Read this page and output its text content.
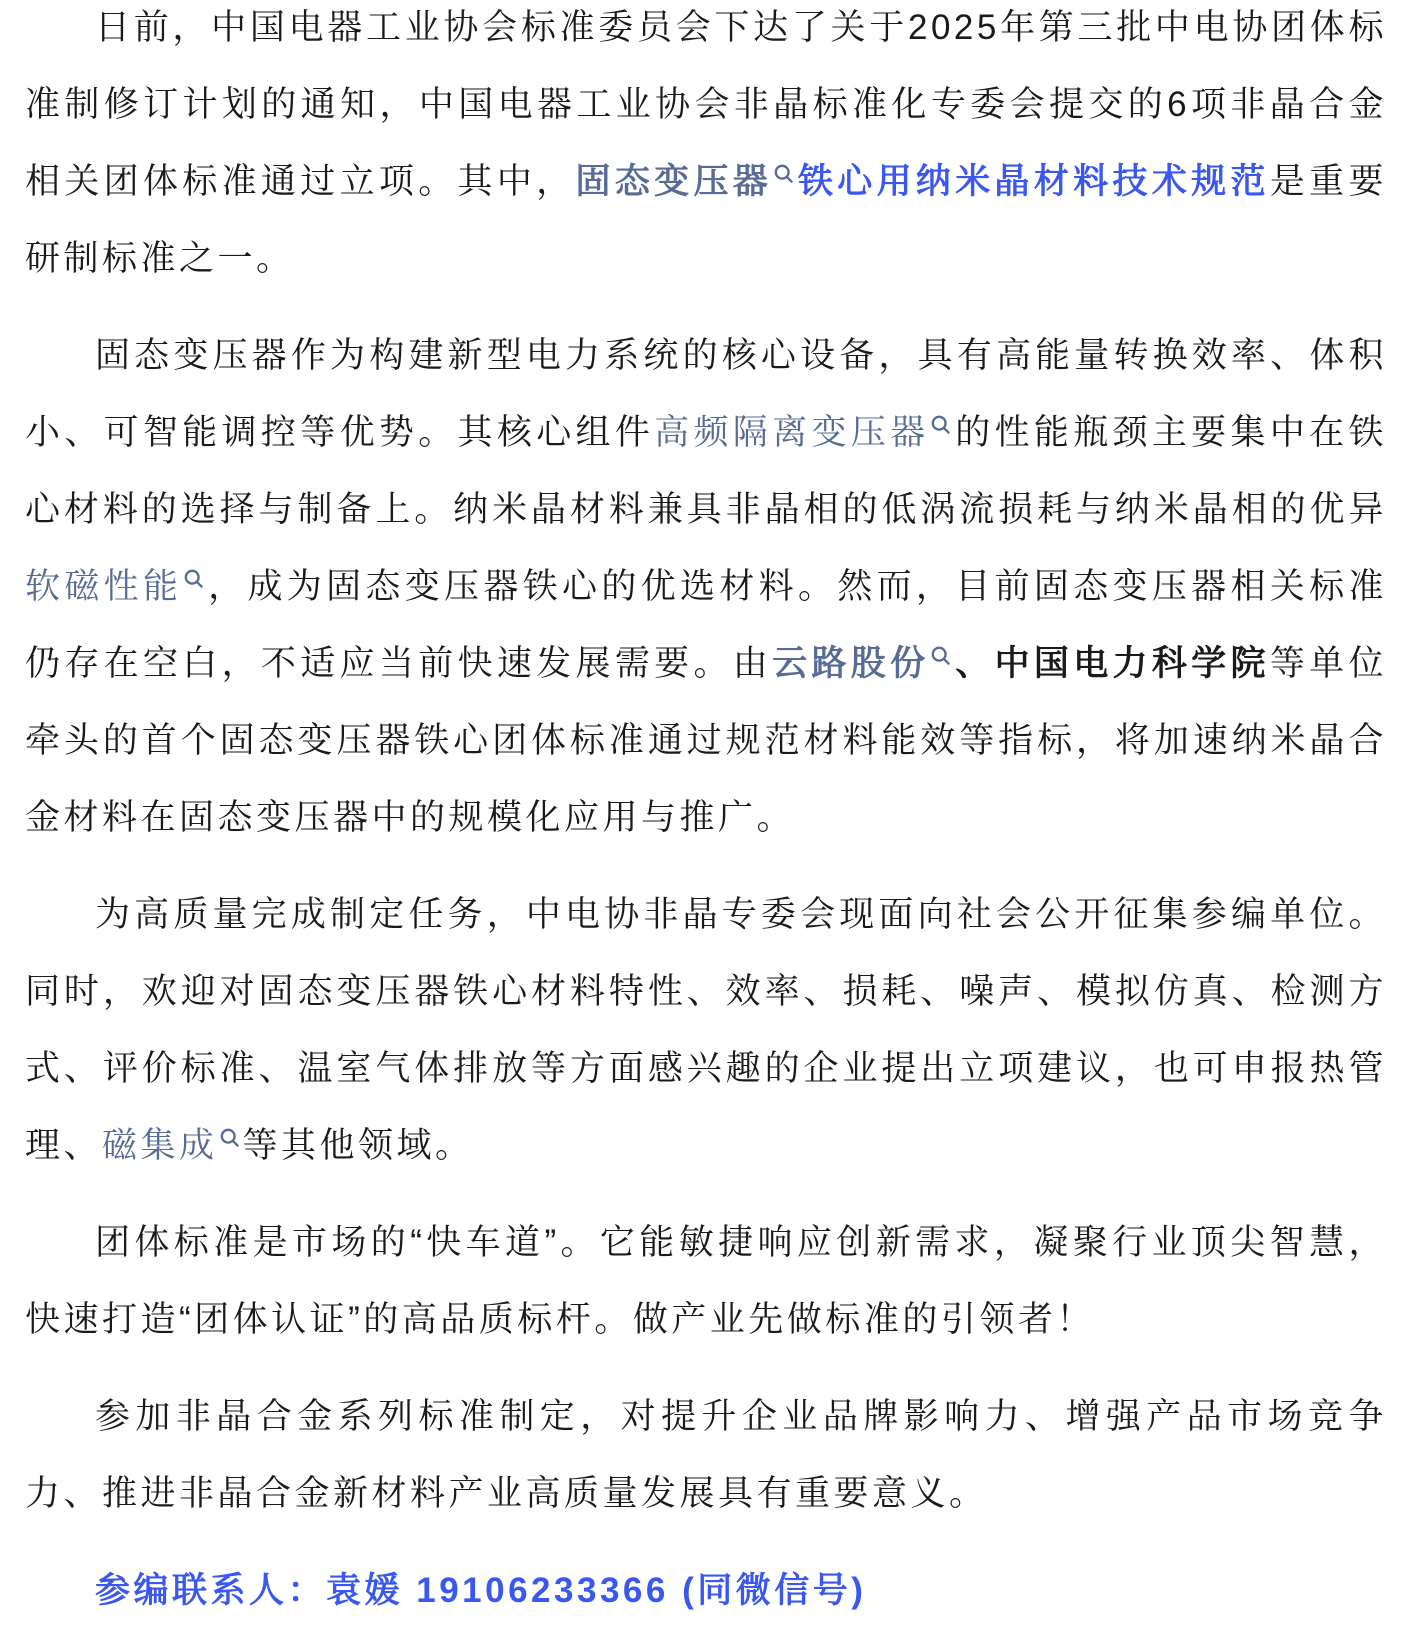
日前，中国电器工业协会标准委员会下达了关于2025年第三批中电协团体标准制修订计划的通知，中国电器工业协会非晶标准化专委会提交的6项非晶合金相关团体标准通过立项。其中，固态变压器 铁心用纳米晶材料技术规范是重要研制标准之一。

固态变压器作为构建新型电力系统的核心设备，具有高能量转换效率、体积小、可智能调控等优势。其核心组件高频隔离变压器 的性能瓶颈主要集中在铁心材料的选择与制备上。纳米晶材料兼具非晶相的低涡流损耗与纳米晶相的优异软磁性能 ，成为固态变压器铁心的优选材料。然而，目前固态变压器相关标准仍存在空白，不适应当前快速发展需要。由云路股份 、中国电力科学院等单位牵头的首个固态变压器铁心团体标准通过规范材料能效等指标，将加速纳米晶合金材料在固态变压器中的规模化应用与推广。

为高质量完成制定任务，中电协非晶专委会现面向社会公开征集参编单位。同时，欢迎对固态变压器铁心材料特性、效率、损耗、噪声、模拟仿真、检测方式、评价标准、温室气体排放等方面感兴趣的企业提出立项建议，也可申报热管理、磁集成 等其他领域。

团体标准是市场的“快车道”。它能敏捷响应创新需求，凝聚行业顶尖智慧，快速打造“团体认证”的高品质标杆。做产业先做标准的引领者！

参加非晶合金系列标准制定，对提升企业品牌影响力、增强产品市场竞争力、推进非晶合金新材料产业高质量发展具有重要意义。

参编联系人：袁媛 19106233366 (同微信号)
